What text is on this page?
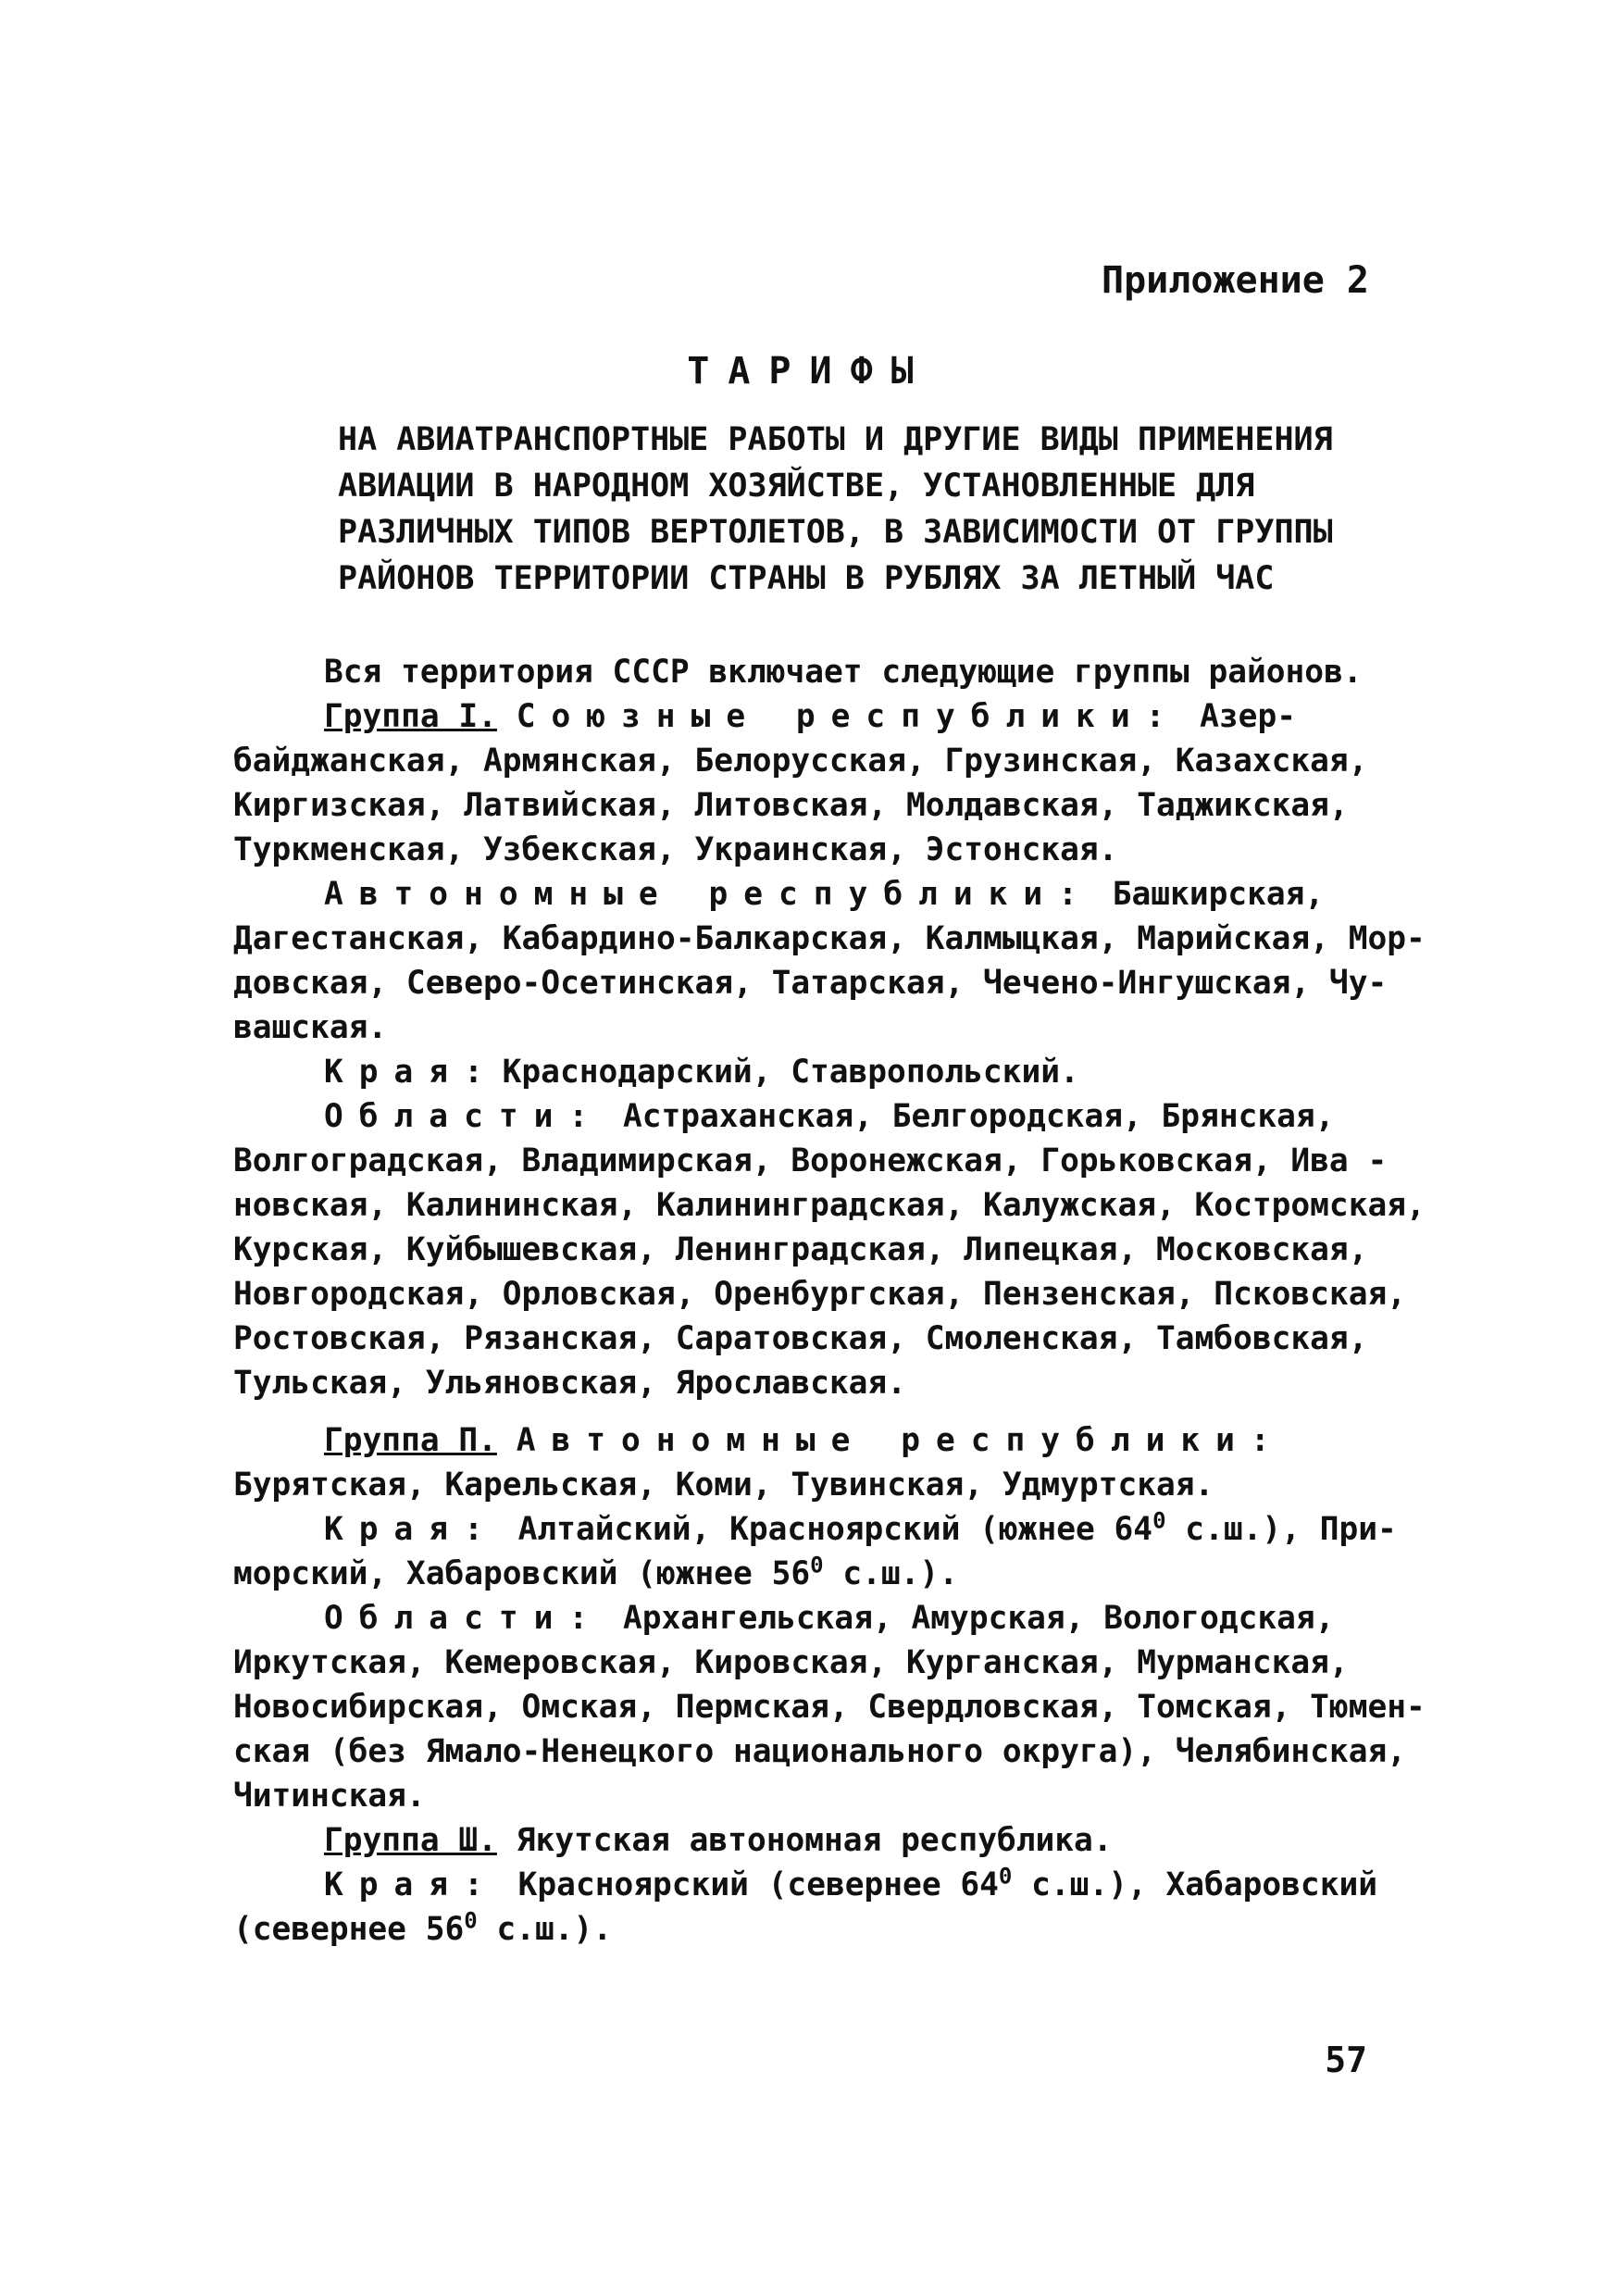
Приложение 2
ТАРИФЫ
НА АВИАТРАНСПОРТНЫЕ РАБОТЫ И ДРУГИЕ ВИДЫ ПРИМЕНЕНИЯ
АВИАЦИИ В НАРОДНОМ ХОЗЯЙСТВЕ, УСТАНОВЛЕННЫЕ ДЛЯ
РАЗЛИЧНЫХ ТИПОВ ВЕРТОЛЕТОВ, В ЗАВИСИМОСТИ ОТ ГРУППЫ
РАЙОНОВ ТЕРРИТОРИИ СТРАНЫ В РУБЛЯХ ЗА ЛЕТНЫЙ ЧАС
Вся территория СССР включает следующие группы районов.
Группа I. Союзные республики: Азер-
байджанская, Армянская, Белорусская, Грузинская, Казахская,
Киргизская, Латвийская, Литовская, Молдавская, Таджикская,
Туркменская, Узбекская, Украинская, Эстонская.
Автономные республики: Башкирская,
Дагестанская, Кабардино-Балкарская, Калмыцкая, Марийская, Мор-
довская, Северо-Осетинская, Татарская, Чечено-Ингушская, Чу-
вашская.
Края: Краснодарский, Ставропольский.
Области: Астраханская, Белгородская, Брянская,
Волгоградская, Владимирская, Воронежская, Горьковская, Ива -
новская, Калининская, Калининградская, Калужская, Костромская,
Курская, Куйбышевская, Ленинградская, Липецкая, Московская,
Новгородская, Орловская, Оренбургская, Пензенская, Псковская,
Ростовская, Рязанская, Саратовская, Смоленская, Тамбовская,
Тульская, Ульяновская, Ярославская.
Группа П. Автономные республики:
Бурятская, Карельская, Коми, Тувинская, Удмуртская.
Края: Алтайский, Красноярский (южнее $64^0$ с.ш.), При-
морский, Хабаровский (южнее $56^0$ с.ш.).
Области: Архангельская, Амурская, Вологодская,
Иркутская, Кемеровская, Кировская, Курганская, Мурманская,
Новосибирская, Омская, Пермская, Свердловская, Томская, Тюмен-
ская (без Ямало-Ненецкого национального округа), Челябинская,
Читинская.
Группа Ш. Якутская автономная республика.
Края: Красноярский (севернее $64^0$ с.ш.), Хабаровский
(севернее $56^0$ с.ш.).
57
